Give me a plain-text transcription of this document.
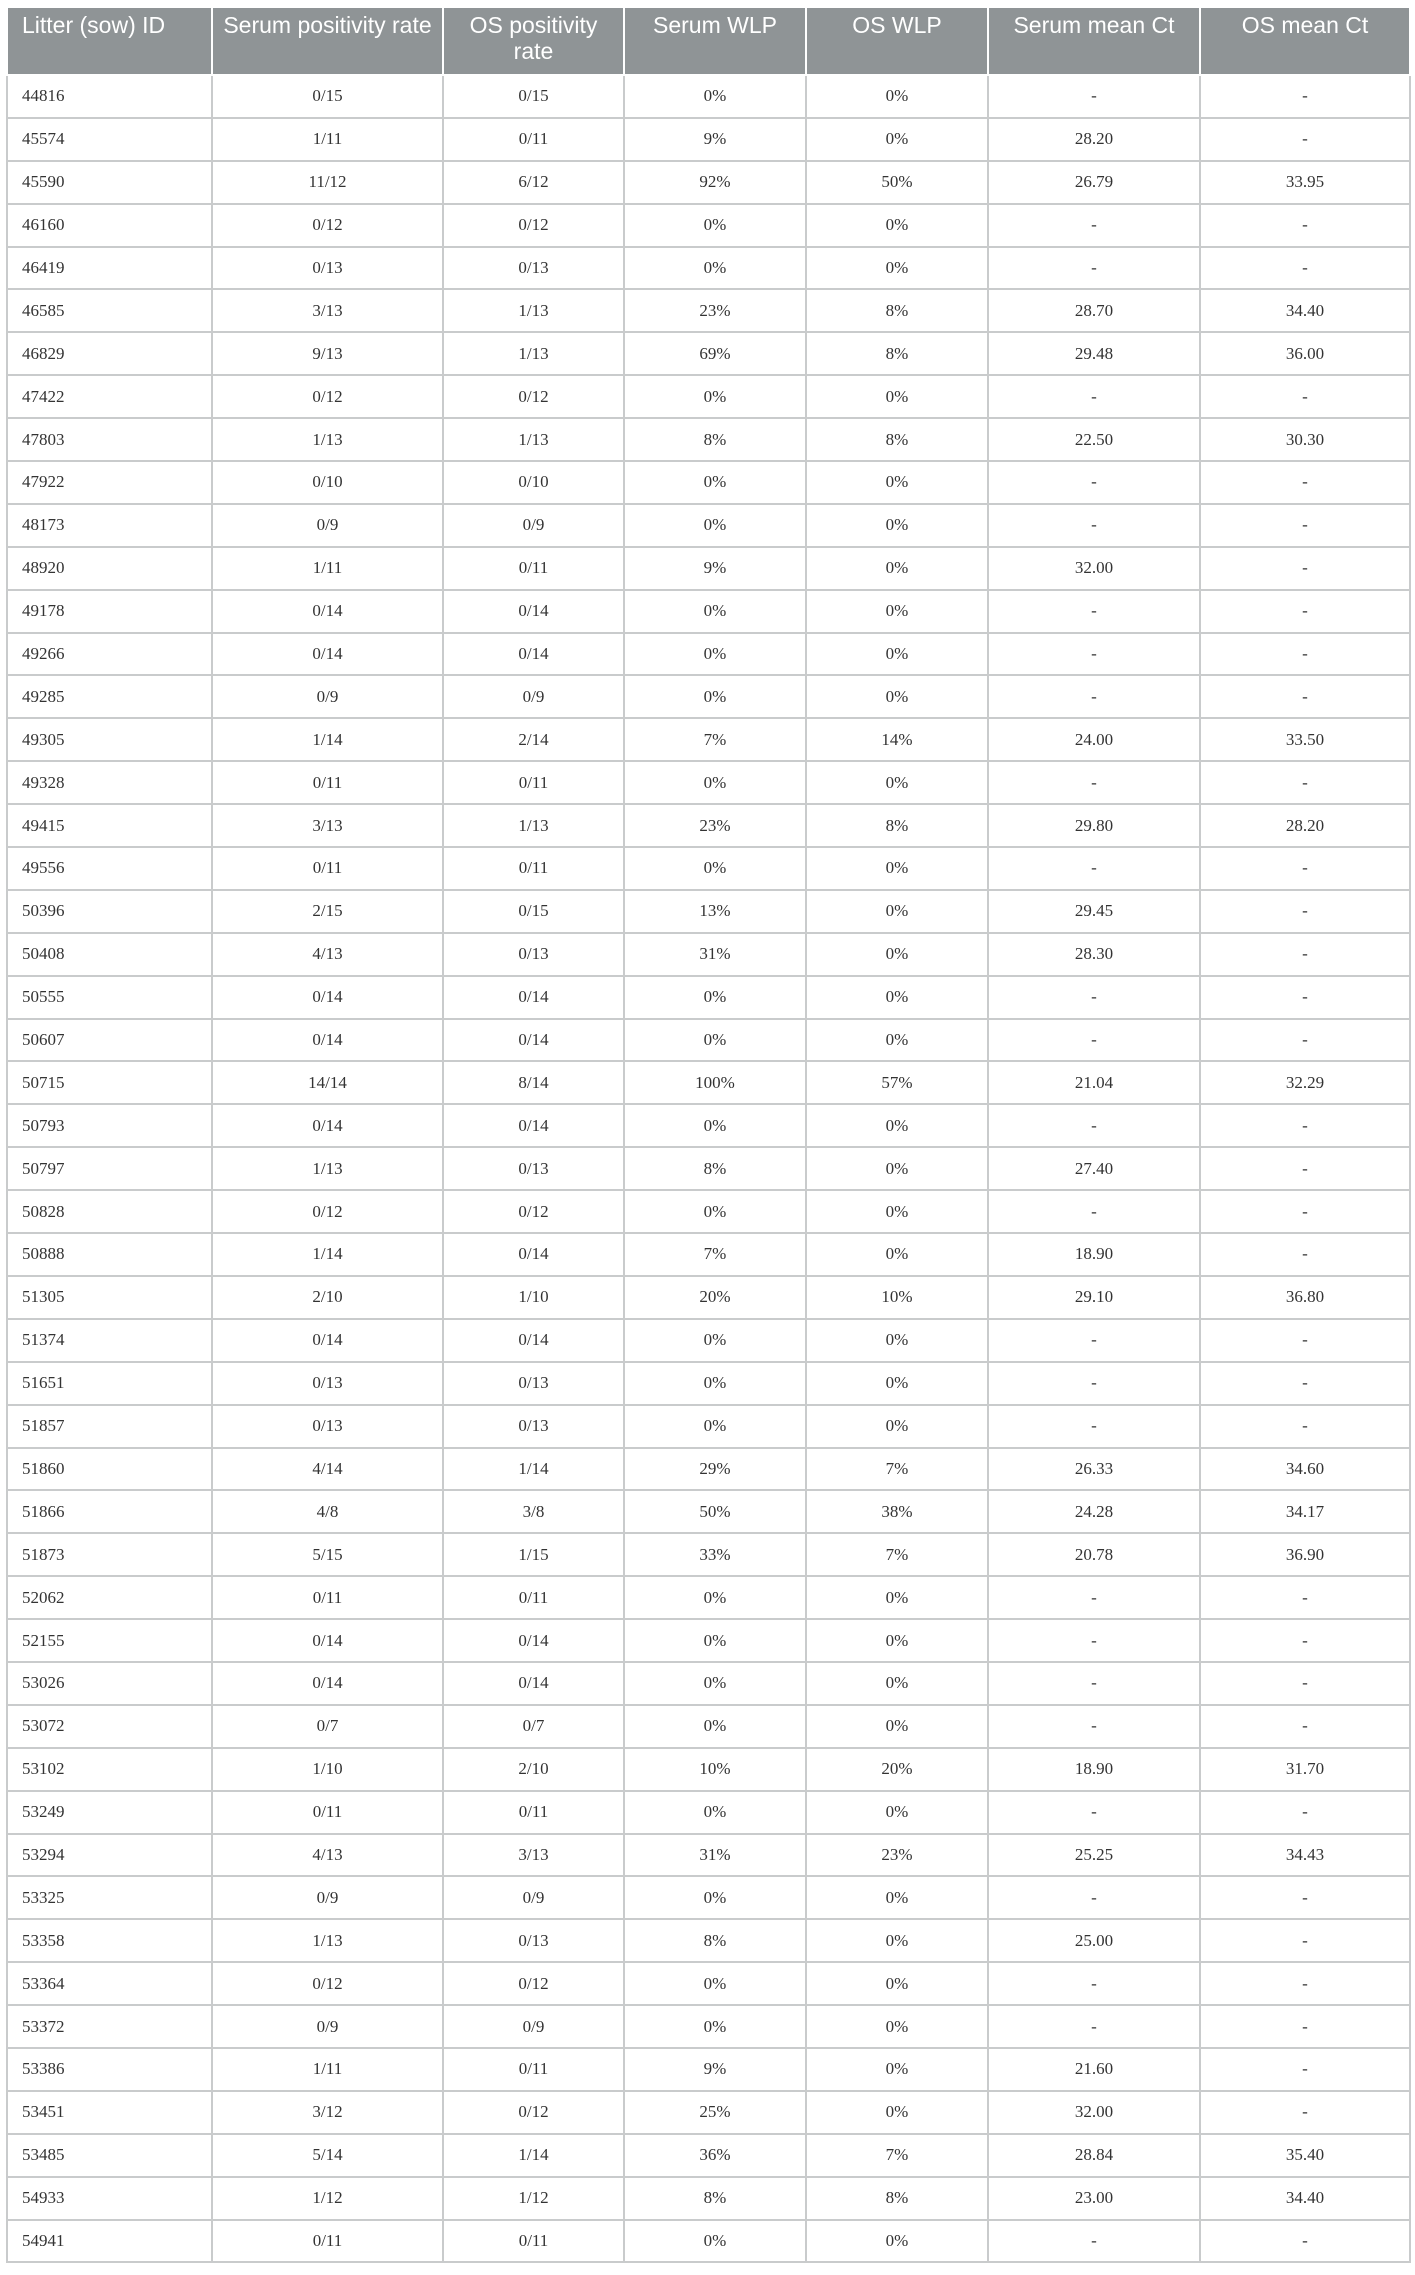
Litter (sow) ID	Serum positivity rate	OS positivity rate	Serum WLP	OS WLP	Serum mean Ct	OS mean Ct
44816	0/15	0/15	0%	0%	-	-
45574	1/11	0/11	9%	0%	28.20	-
45590	11/12	6/12	92%	50%	26.79	33.95
46160	0/12	0/12	0%	0%	-	-
46419	0/13	0/13	0%	0%	-	-
46585	3/13	1/13	23%	8%	28.70	34.40
46829	9/13	1/13	69%	8%	29.48	36.00
47422	0/12	0/12	0%	0%	-	-
47803	1/13	1/13	8%	8%	22.50	30.30
47922	0/10	0/10	0%	0%	-	-
48173	0/9	0/9	0%	0%	-	-
48920	1/11	0/11	9%	0%	32.00	-
49178	0/14	0/14	0%	0%	-	-
49266	0/14	0/14	0%	0%	-	-
49285	0/9	0/9	0%	0%	-	-
49305	1/14	2/14	7%	14%	24.00	33.50
49328	0/11	0/11	0%	0%	-	-
49415	3/13	1/13	23%	8%	29.80	28.20
49556	0/11	0/11	0%	0%	-	-
50396	2/15	0/15	13%	0%	29.45	-
50408	4/13	0/13	31%	0%	28.30	-
50555	0/14	0/14	0%	0%	-	-
50607	0/14	0/14	0%	0%	-	-
50715	14/14	8/14	100%	57%	21.04	32.29
50793	0/14	0/14	0%	0%	-	-
50797	1/13	0/13	8%	0%	27.40	-
50828	0/12	0/12	0%	0%	-	-
50888	1/14	0/14	7%	0%	18.90	-
51305	2/10	1/10	20%	10%	29.10	36.80
51374	0/14	0/14	0%	0%	-	-
51651	0/13	0/13	0%	0%	-	-
51857	0/13	0/13	0%	0%	-	-
51860	4/14	1/14	29%	7%	26.33	34.60
51866	4/8	3/8	50%	38%	24.28	34.17
51873	5/15	1/15	33%	7%	20.78	36.90
52062	0/11	0/11	0%	0%	-	-
52155	0/14	0/14	0%	0%	-	-
53026	0/14	0/14	0%	0%	-	-
53072	0/7	0/7	0%	0%	-	-
53102	1/10	2/10	10%	20%	18.90	31.70
53249	0/11	0/11	0%	0%	-	-
53294	4/13	3/13	31%	23%	25.25	34.43
53325	0/9	0/9	0%	0%	-	-
53358	1/13	0/13	8%	0%	25.00	-
53364	0/12	0/12	0%	0%	-	-
53372	0/9	0/9	0%	0%	-	-
53386	1/11	0/11	9%	0%	21.60	-
53451	3/12	0/12	25%	0%	32.00	-
53485	5/14	1/14	36%	7%	28.84	35.40
54933	1/12	1/12	8%	8%	23.00	34.40
54941	0/11	0/11	0%	0%	-	-
